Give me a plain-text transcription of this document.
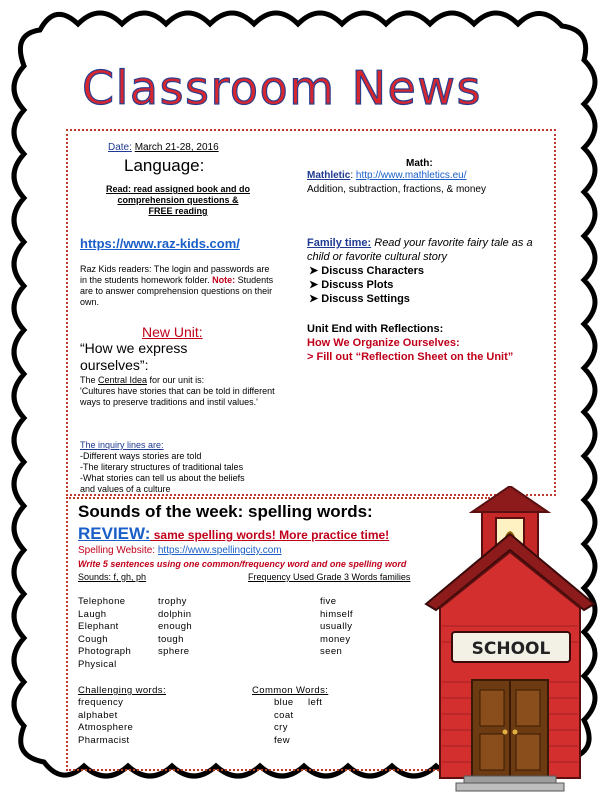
Classroom News
Date: March 21-28, 2016
Language:
Read: read assigned book and do
comprehension questions &
FREE reading
https://www.raz-kids.com/
Raz Kids readers: The login and passwords are in the students homework folder. Note: Students are to answer comprehension questions on their own.
New Unit:
“How we express ourselves”:
The Central Idea for our unit is:
'Cultures have stories that can be told in different ways to preserve traditions and instil values.'
The inquiry lines are:
-Different ways stories are told
-The literary structures of traditional tales
-What stories can tell us about the beliefs
and values of a culture
Math:
Mathletic: http://www.mathletics.eu/
Addition, subtraction, fractions, & money
Family time: Read your favorite fairy tale as a child or favorite cultural story
➤ Discuss Characters
➤ Discuss Plots
➤ Discuss Settings
Unit End with Reflections:
How We Organize Ourselves:
> Fill out “Reflection Sheet on the Unit”
Sounds of the week: spelling words:
REVIEW: same spelling words! More practice time!
Spelling Website: https://www.spellingcity.com
Write 5 sentences using one common/frequency word and one spelling word
Sounds: f, gh, ph	Frequency Used Grade 3 Words families
Telephone
Laugh
Elephant
Cough
Photograph
Physical
trophy
dolphin
enough
tough
sphere
five
himself
usually
money
seen
Challenging words:	Common Words:
frequency
alphabet
Atmosphere
Pharmacist
blue
coat
cry
few
left
SCHOOL
